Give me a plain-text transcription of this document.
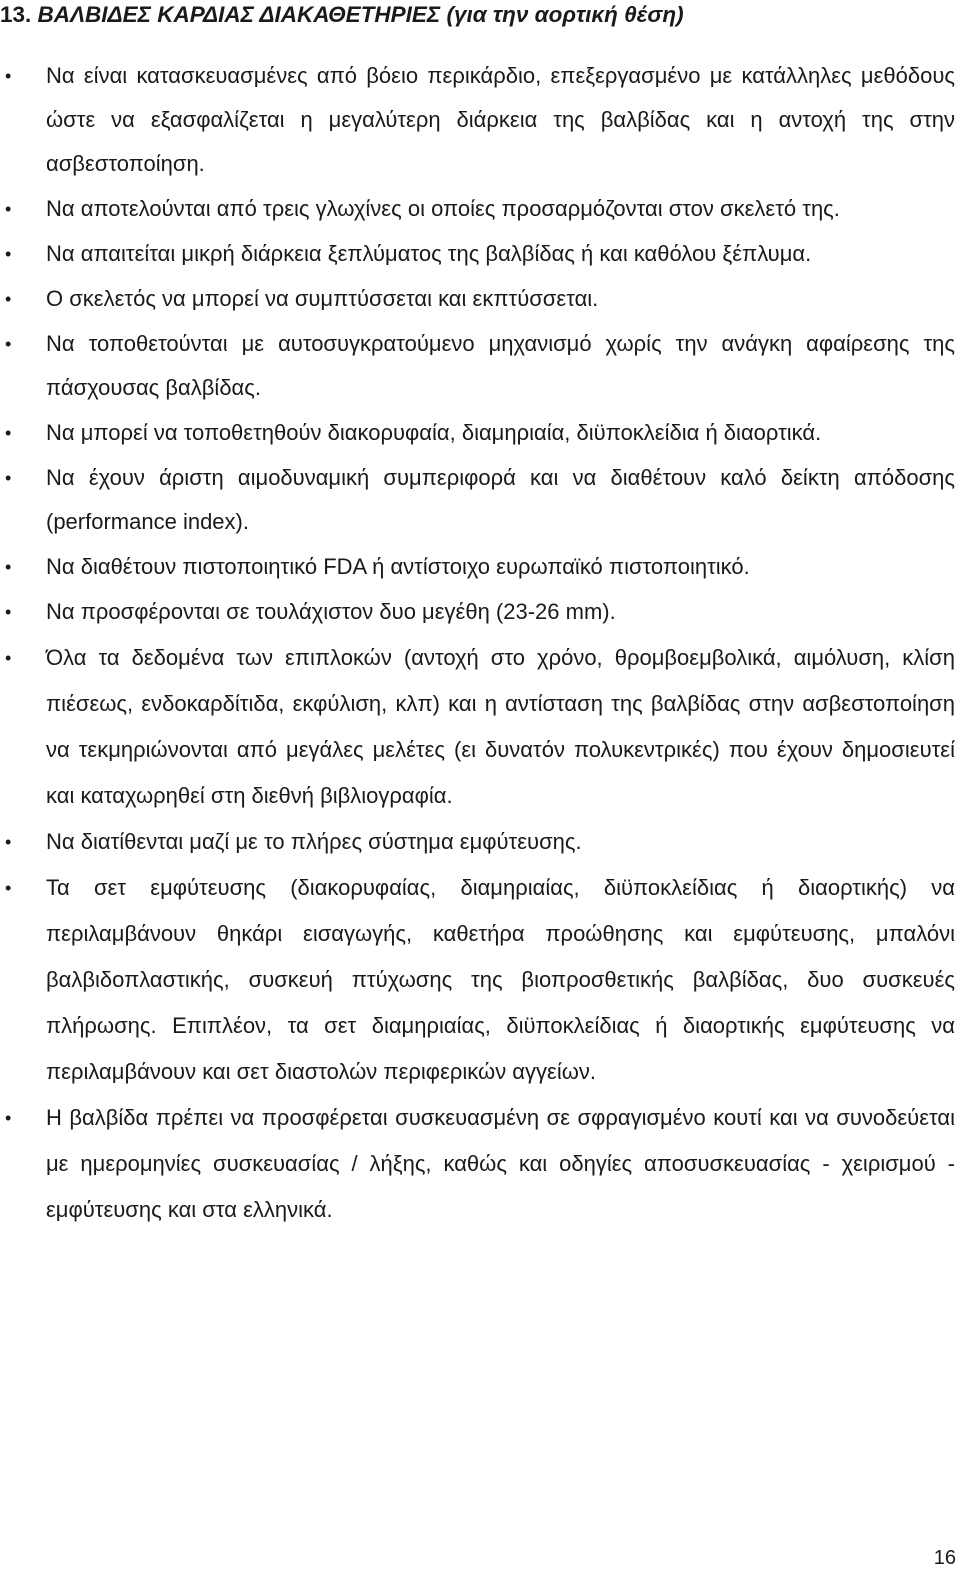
13. ΒΑΛΒΙΔΕΣ ΚΑΡΔΙΑΣ ΔΙΑΚΑΘΕΤΗΡΙΕΣ (για την αορτική θέση)
• Να είναι κατασκευασμένες από βόειο περικάρδιο, επεξεργασμένο με κατάλληλες μεθόδους ώστε να εξασφαλίζεται η μεγαλύτερη διάρκεια της βαλβίδας και η αντοχή της στην ασβεστοποίηση.
• Να αποτελούνται από τρεις γλωχίνες οι οποίες προσαρμόζονται στον σκελετό της.
• Να απαιτείται μικρή διάρκεια ξεπλύματος της βαλβίδας ή και καθόλου ξέπλυμα.
• Ο σκελετός να μπορεί να συμπτύσσεται και εκπτύσσεται.
• Να τοποθετούνται με αυτοσυγκρατούμενο μηχανισμό χωρίς την ανάγκη αφαίρεσης της πάσχουσας βαλβίδας.
• Να μπορεί να τοποθετηθούν διακορυφαία, διαμηριαία, διϋποκλείδια ή διαορτικά.
• Να έχουν άριστη αιμοδυναμική συμπεριφορά και να διαθέτουν καλό δείκτη απόδοσης (performance index).
• Να διαθέτουν πιστοποιητικό FDA ή αντίστοιχο ευρωπαϊκό πιστοποιητικό.
• Να προσφέρονται σε τουλάχιστον δυο μεγέθη (23-26 mm).
• Όλα τα δεδομένα των επιπλοκών (αντοχή στο χρόνο, θρομβοεμβολικά, αιμόλυση, κλίση πιέσεως, ενδοκαρδίτιδα, εκφύλιση, κλπ) και η αντίσταση της βαλβίδας στην ασβεστοποίηση να τεκμηριώνονται από μεγάλες μελέτες (ει δυνατόν πολυκεντρικές) που έχουν δημοσιευτεί και καταχωρηθεί στη διεθνή βιβλιογραφία.
• Να διατίθενται μαζί με το πλήρες σύστημα εμφύτευσης.
• Τα σετ εμφύτευσης (διακορυφαίας, διαμηριαίας, διϋποκλείδιας ή διαορτικής) να περιλαμβάνουν θηκάρι εισαγωγής, καθετήρα προώθησης και εμφύτευσης, μπαλόνι βαλβιδοπλαστικής, συσκευή πτύχωσης της βιοπροσθετικής βαλβίδας, δυο συσκευές πλήρωσης. Επιπλέον, τα σετ διαμηριαίας, διϋποκλείδιας ή διαορτικής εμφύτευσης να περιλαμβάνουν και σετ διαστολών περιφερικών αγγείων.
• Η βαλβίδα πρέπει να προσφέρεται συσκευασμένη σε σφραγισμένο κουτί και να συνοδεύεται με ημερομηνίες συσκευασίας / λήξης, καθώς και οδηγίες αποσυσκευασίας - χειρισμού - εμφύτευσης και στα ελληνικά.
16
